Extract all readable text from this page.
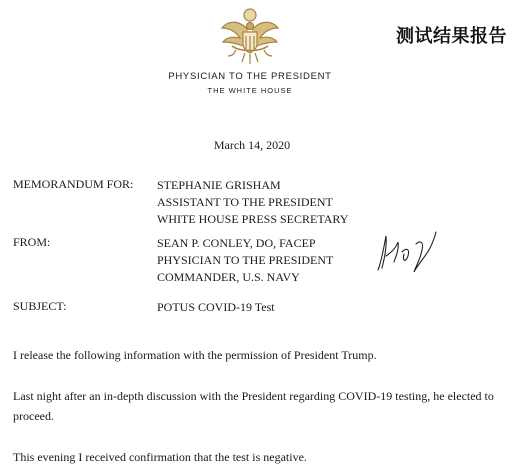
测试结果报告
PHYSICIAN TO THE PRESIDENT
THE WHITE HOUSE
March 14, 2020
MEMORANDUM FOR: STEPHANIE GRISHAM
ASSISTANT TO THE PRESIDENT
WHITE HOUSE PRESS SECRETARY
FROM:	SEAN P. CONLEY, DO, FACEP
PHYSICIAN TO THE PRESIDENT
COMMANDER, U.S. NAVY
SUBJECT:	POTUS COVID-19 Test
I release the following information with the permission of President Trump.
Last night after an in-depth discussion with the President regarding COVID-19 testing, he elected to proceed.
This evening I received confirmation that the test is negative.
